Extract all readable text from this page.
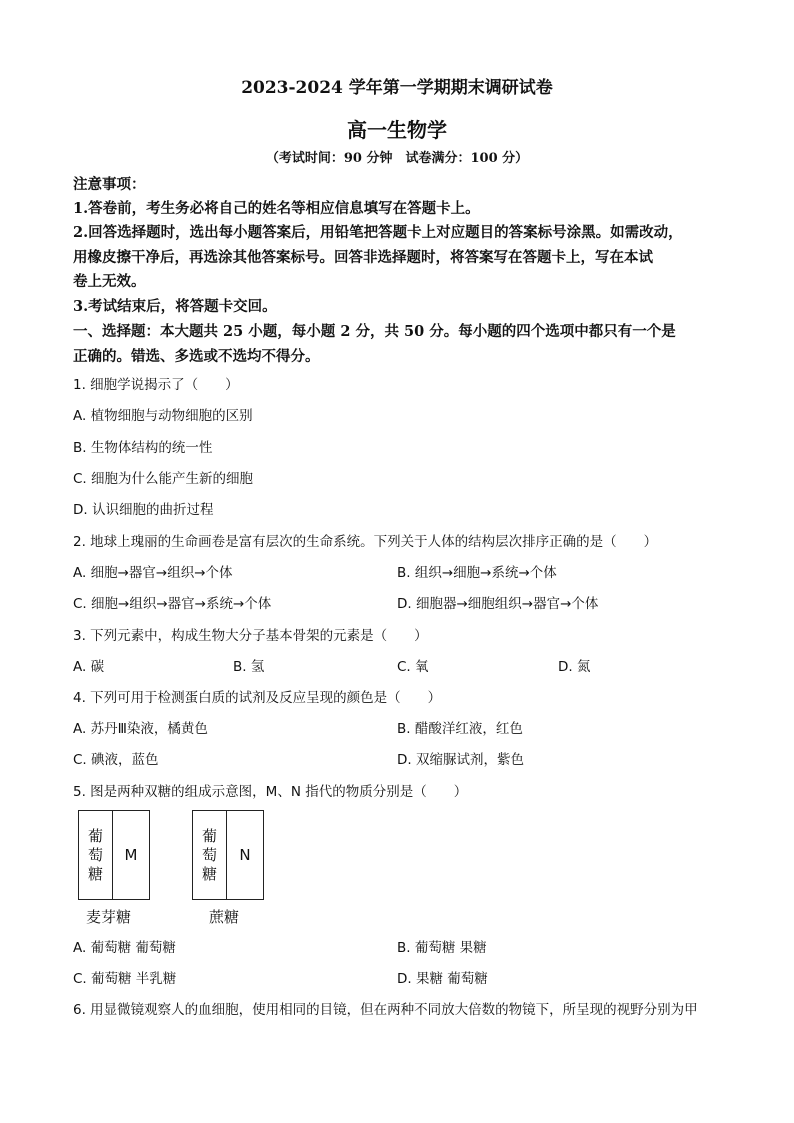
2023-2024 学年第一学期期末调研试卷
高一生物学
（考试时间：90 分钟　试卷满分：100 分）
注意事项：
1.答卷前，考生务必将自己的姓名等相应信息填写在答题卡上。
2.回答选择题时，选出每小题答案后，用铅笔把答题卡上对应题目的答案标号涂黑。如需改动，
用橡皮擦干净后，再选涂其他答案标号。回答非选择题时，将答案写在答题卡上，写在本试
卷上无效。
3.考试结束后，将答题卡交回。
一、选择题：本大题共 25 小题，每小题 2 分，共 50 分。每小题的四个选项中都只有一个是
正确的。错选、多选或不选均不得分。
1. 细胞学说揭示了（　　）
A. 植物细胞与动物细胞的区别
B. 生物体结构的统一性
C. 细胞为什么能产生新的细胞
D. 认识细胞的曲折过程
2. 地球上瑰丽的生命画卷是富有层次的生命系统。下列关于人体的结构层次排序正确的是（　　）
A. 细胞→器官→组织→个体	B. 组织→细胞→系统→个体
C. 细胞→组织→器官→系统→个体	D. 细胞器→细胞组织→器官→个体
3. 下列元素中，构成生物大分子基本骨架的元素是（　　）
A. 碳	B. 氢	C. 氧	D. 氮
4. 下列可用于检测蛋白质的试剂及反应呈现的颜色是（　　）
A. 苏丹Ⅲ染液，橘黄色	B. 醋酸洋红液，红色
C. 碘液，蓝色	D. 双缩脲试剂，紫色
5. 图是两种双糖的组成示意图，M、N 指代的物质分别是（　　）
葡萄糖
M
麦芽糖
葡萄糖
N
蔗糖
A. 葡萄糖 葡萄糖	B. 葡萄糖 果糖
C. 葡萄糖 半乳糖	D. 果糖 葡萄糖
6. 用显微镜观察人的血细胞，使用相同的目镜，但在两种不同放大倍数的物镜下，所呈现的视野分别为甲
